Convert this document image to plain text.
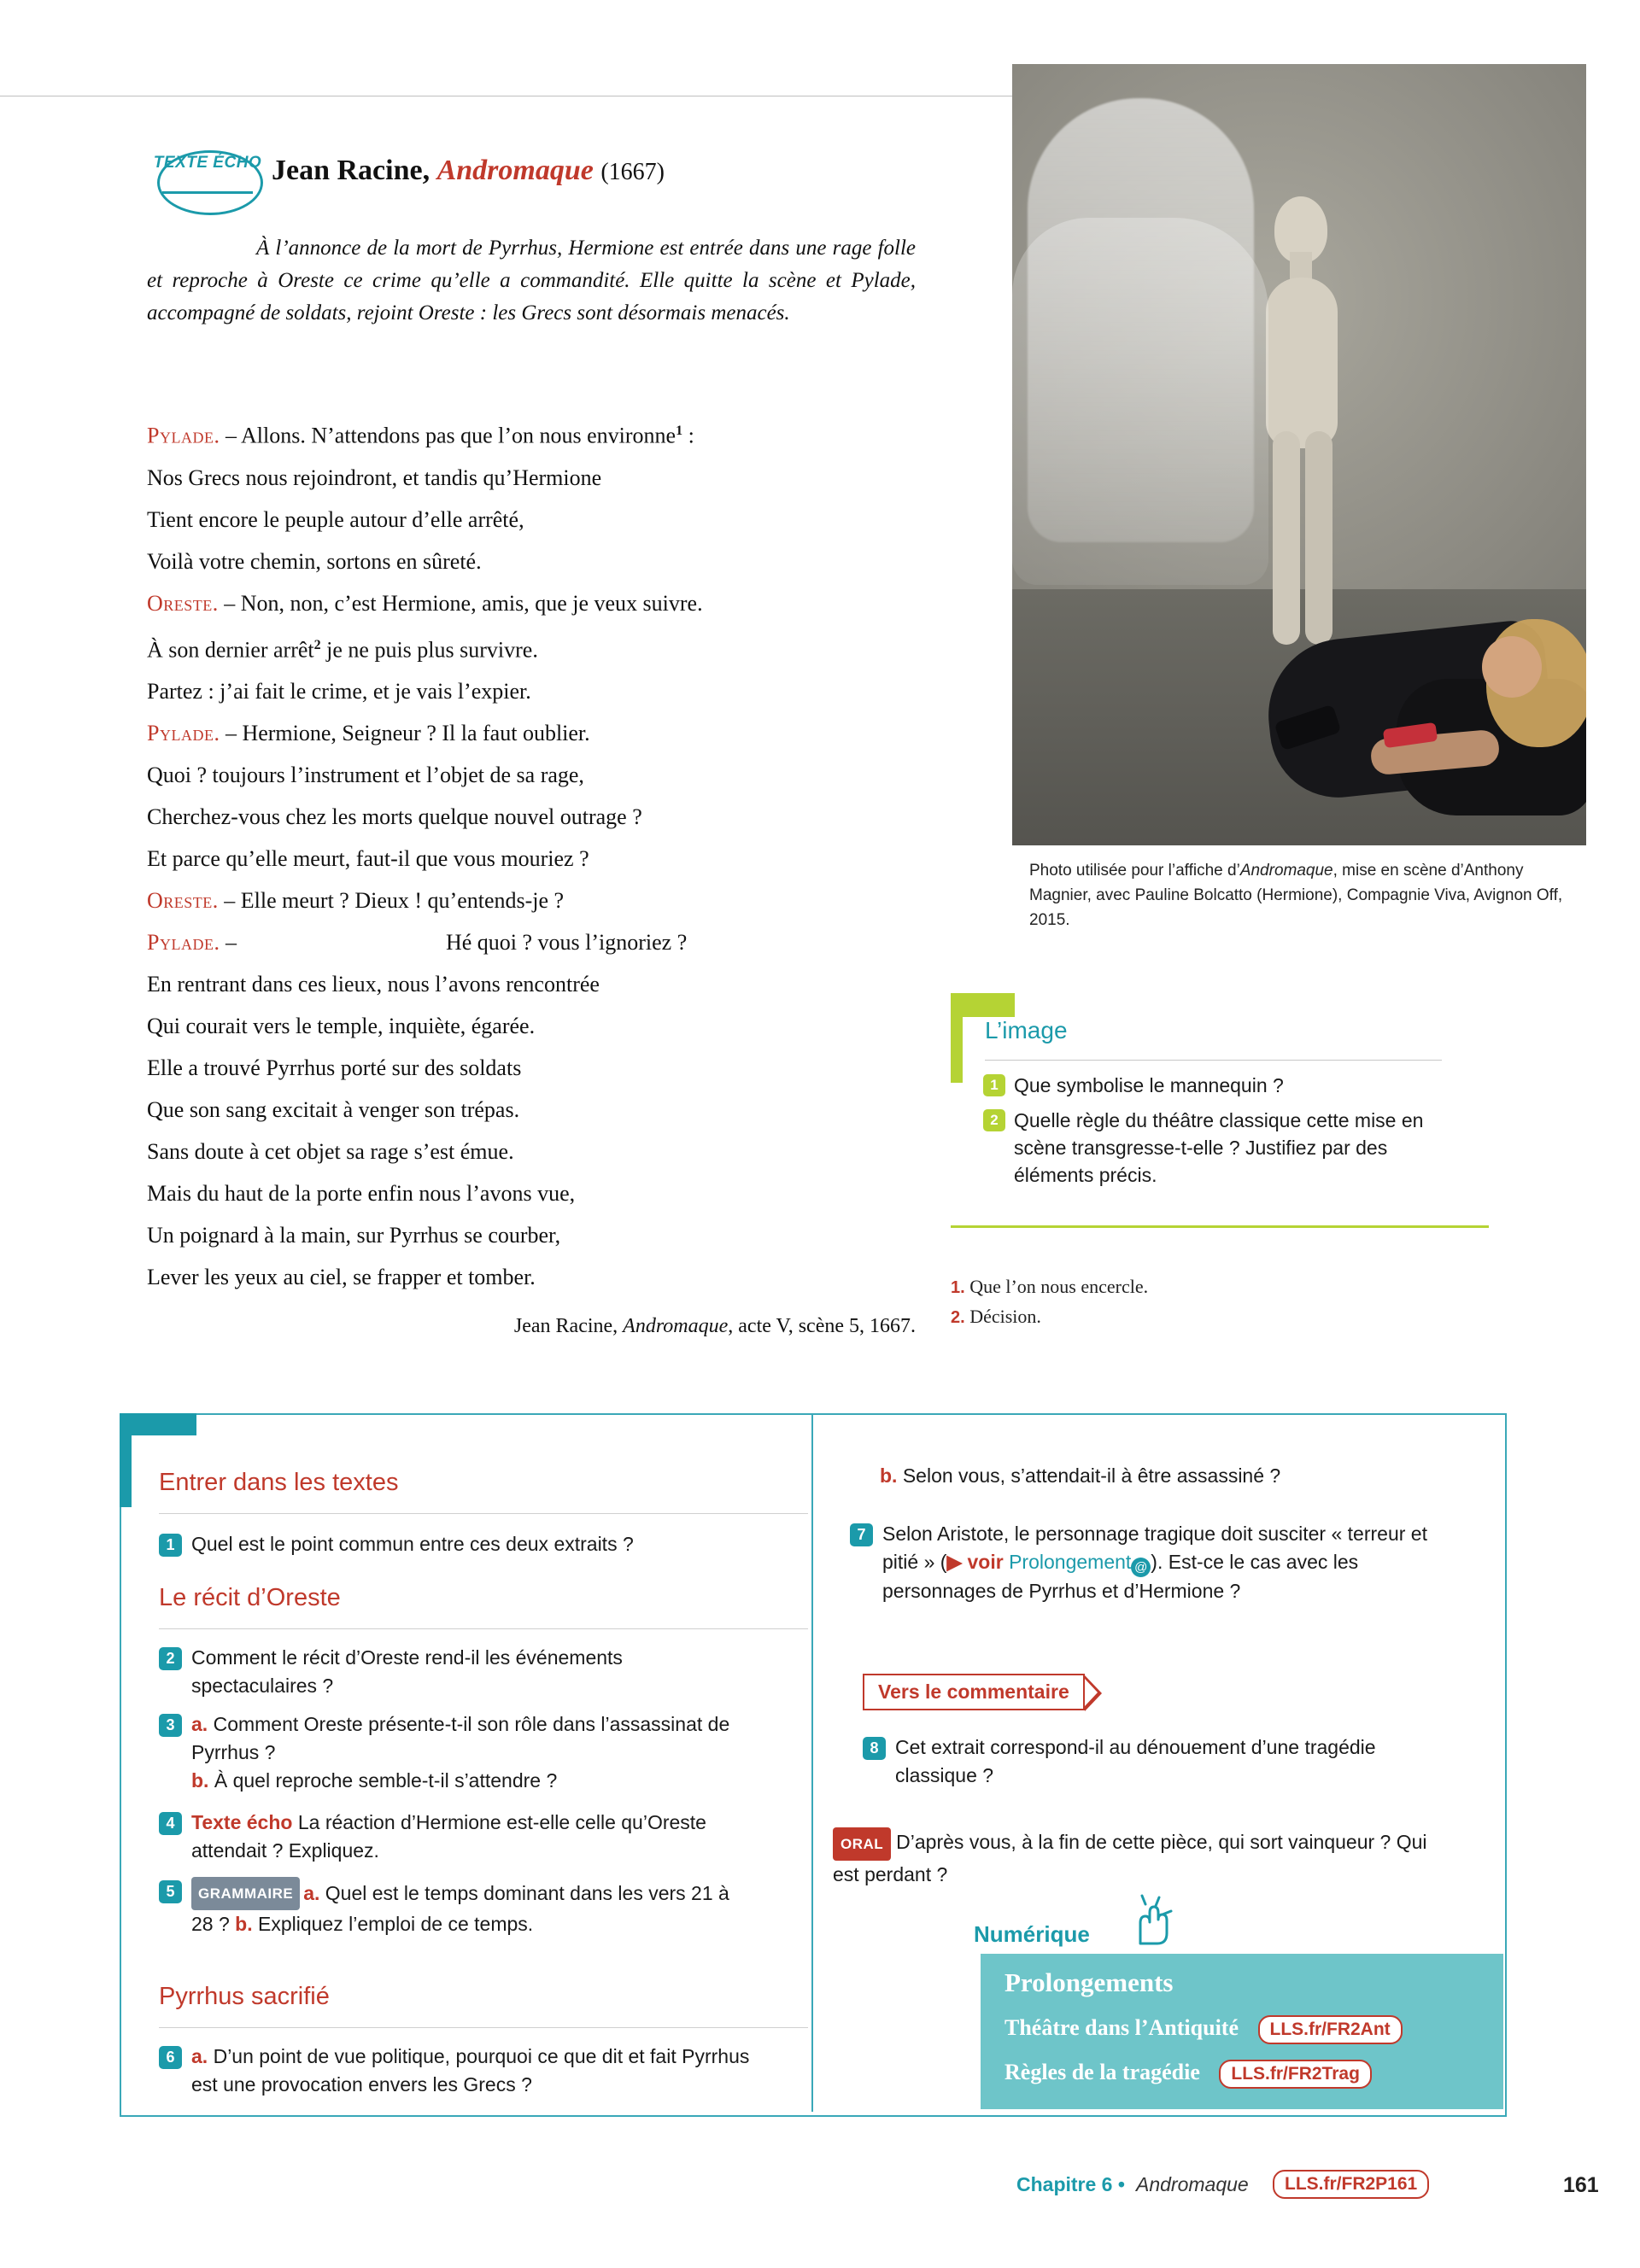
TEXTE ÉCHO Jean Racine, Andromaque (1667)
À l’annonce de la mort de Pyrrhus, Hermione est entrée dans une rage folle et reproche à Oreste ce crime qu’elle a commandité. Elle quitte la scène et Pylade, accompagné de soldats, rejoint Oreste : les Grecs sont désormais menacés.
Pylade. – Allons. N’attendons pas que l’on nous environne$^1$ :
Nos Grecs nous rejoindront, et tandis qu’Hermione
Tient encore le peuple autour d’elle arrêté,
Voilà votre chemin, sortons en sûreté.
Oreste. – Non, non, c’est Hermione, amis, que je veux suivre.
À son dernier arrêt$^2$ je ne puis plus survivre.
Partez : j’ai fait le crime, et je vais l’expier.
Pylade. – Hermione, Seigneur ? Il la faut oublier.
Quoi ? toujours l’instrument et l’objet de sa rage,
Cherchez-vous chez les morts quelque nouvel outrage ?
Et parce qu’elle meurt, faut-il que vous mouriez ?
Oreste. – Elle meurt ? Dieux ! qu’entends-je ?
Pylade. –	Hé quoi ? vous l’ignoriez ?
En rentrant dans ces lieux, nous l’avons rencontrée
Qui courait vers le temple, inquiète, égarée.
Elle a trouvé Pyrrhus porté sur des soldats
Que son sang excitait à venger son trépas.
Sans doute à cet objet sa rage s’est émue.
Mais du haut de la porte enfin nous l’avons vue,
Un poignard à la main, sur Pyrrhus se courber,
Lever les yeux au ciel, se frapper et tomber.
Jean Racine, Andromaque, acte V, scène 5, 1667.
Photo utilisée pour l’affiche d’Andromaque, mise en scène d’Anthony Magnier, avec Pauline Bolcatto (Hermione), Compagnie Viva, Avignon Off, 2015.
L’image
1 Que symbolise le mannequin ?
2 Quelle règle du théâtre classique cette mise en scène transgresse-t-elle ? Justifiez par des éléments précis.
1. Que l’on nous encercle.
2. Décision.
Entrer dans les textes
1 Quel est le point commun entre ces deux extraits ?
Le récit d’Oreste
2 Comment le récit d’Oreste rend-il les événements spectaculaires ?
3 a. Comment Oreste présente-t-il son rôle dans l’assassinat de Pyrrhus ?
b. À quel reproche semble-t-il s’attendre ?
4 Texte écho La réaction d’Hermione est-elle celle qu’Oreste attendait ? Expliquez.
5	GRAMMAIRE a. Quel est le temps dominant dans les vers 21 à 28 ? b. Expliquez l’emploi de ce temps.
Pyrrhus sacrifié
6 a. D’un point de vue politique, pourquoi ce que dit et fait Pyrrhus est une provocation envers les Grecs ?
b. Selon vous, s’attendait-il à être assassiné ?
7 Selon Aristote, le personnage tragique doit susciter « terreur et pitié » (▶ voir Prolongement @ ). Est-ce le cas avec les personnages de Pyrrhus et d’Hermione ?
Vers le commentaire
8 Cet extrait correspond-il au dénouement d’une tragédie classique ?
ORAL D’après vous, à la fin de cette pièce, qui sort vainqueur ? Qui est perdant ?
Numérique
Prolongements
Théâtre dans l’Antiquité LLS.fr/FR2Ant
Règles de la tragédie LLS.fr/FR2Trag
Chapitre 6 • Andromaque	LLS.fr/FR2P161	161
